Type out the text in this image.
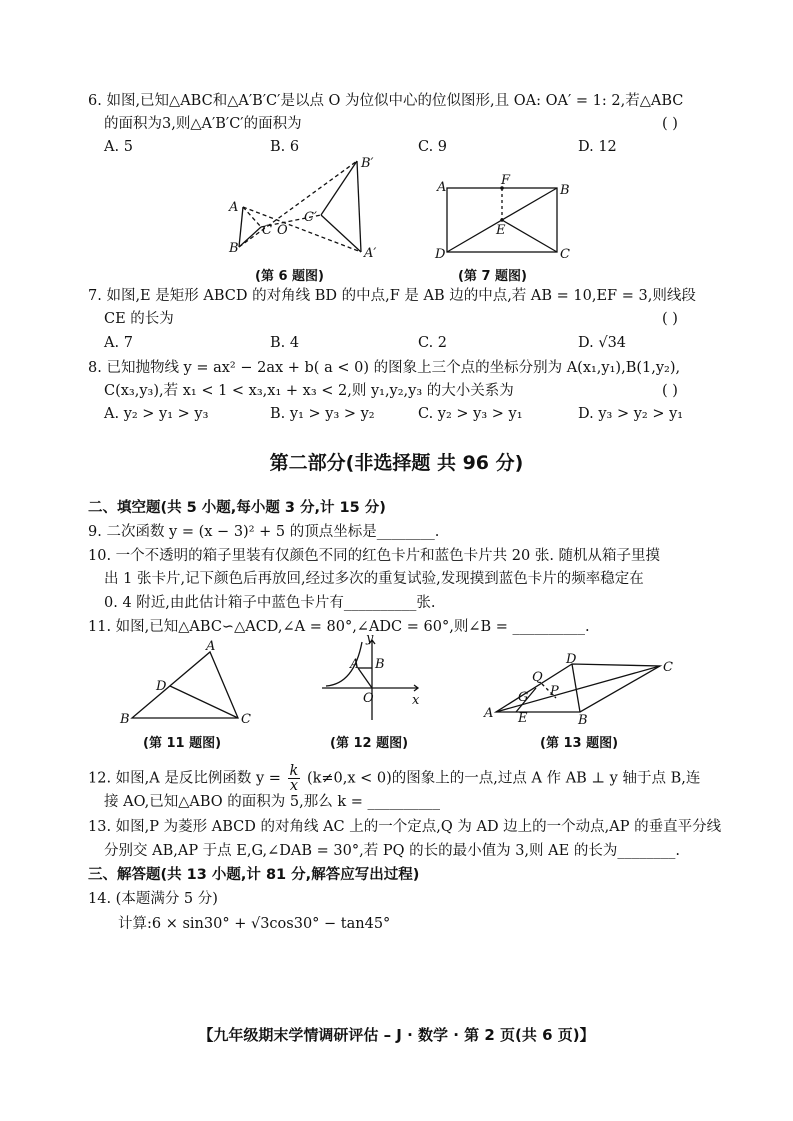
6. 如图,已知△ABC和△A′B′C′是以点 O 为位似中心的位似图形,且 OA: OA′ = 1: 2,若△ABC
的面积为3,则△A′B′C′的面积为	( )
A. 5	B. 6	C. 9	D. 12
A
B
C O
C′
B′
A′
(第 6 题图)
A	B
C
D
E
F
(第 7 题图)
7. 如图,E 是矩形 ABCD 的对角线 BD 的中点,F 是 AB 边的中点,若 AB = 10,EF = 3,则线段
CE 的长为	( )
A. 7	B. 4	C. 2	D. √34
8. 已知抛物线 y = ax² − 2ax + b( a < 0) 的图象上三个点的坐标分别为 A(x₁,y₁),B(1,y₂),
C(x₃,y₃),若 x₁ < 1 < x₃,x₁ + x₃ < 2,则 y₁,y₂,y₃ 的大小关系为	( )
A. y₂ > y₁ > y₃	B. y₁ > y₃ > y₂	C. y₂ > y₃ > y₁	D. y₃ > y₂ > y₁
第二部分(非选择题 共 96 分)
二、填空题(共 5 小题,每小题 3 分,计 15 分)
9. 二次函数 y = (x − 3)² + 5 的顶点坐标是________.
10. 一个不透明的箱子里装有仅颜色不同的红色卡片和蓝色卡片共 20 张. 随机从箱子里摸
出 1 张卡片,记下颜色后再放回,经过多次的重复试验,发现摸到蓝色卡片的频率稳定在
0. 4 附近,由此估计箱子中蓝色卡片有__________张.
11. 如图,已知△ABC∽△ACD,∠A = 80°,∠ADC = 60°,则∠B = __________.
A
B	C
D
(第 11 题图)
y
x
A B
O
(第 12 题图)
A	B
C
D
E
G P
Q
(第 13 题图)
12. 如图,A 是反比例函数 $y = \frac{k}{x} (k\ne 0,x < 0)$的图象上的一点,过点 A 作 AB ⊥ y 轴于点 B,连
接 AO,已知△ABO 的面积为 5,那么 k = __________
13. 如图,P 为菱形 ABCD 的对角线 AC 上的一个定点,Q 为 AD 边上的一个动点,AP 的垂直平分线
分别交 AB,AP 于点 E,G,∠DAB = 30°,若 PQ 的长的最小值为 3,则 AE 的长为________.
三、解答题(共 13 小题,计 81 分,解答应写出过程)
14. (本题满分 5 分)
计算:6 × sin30° + √3cos30° − tan45°
【九年级期末学情调研评估 – J · 数学 · 第 2 页(共 6 页)】
